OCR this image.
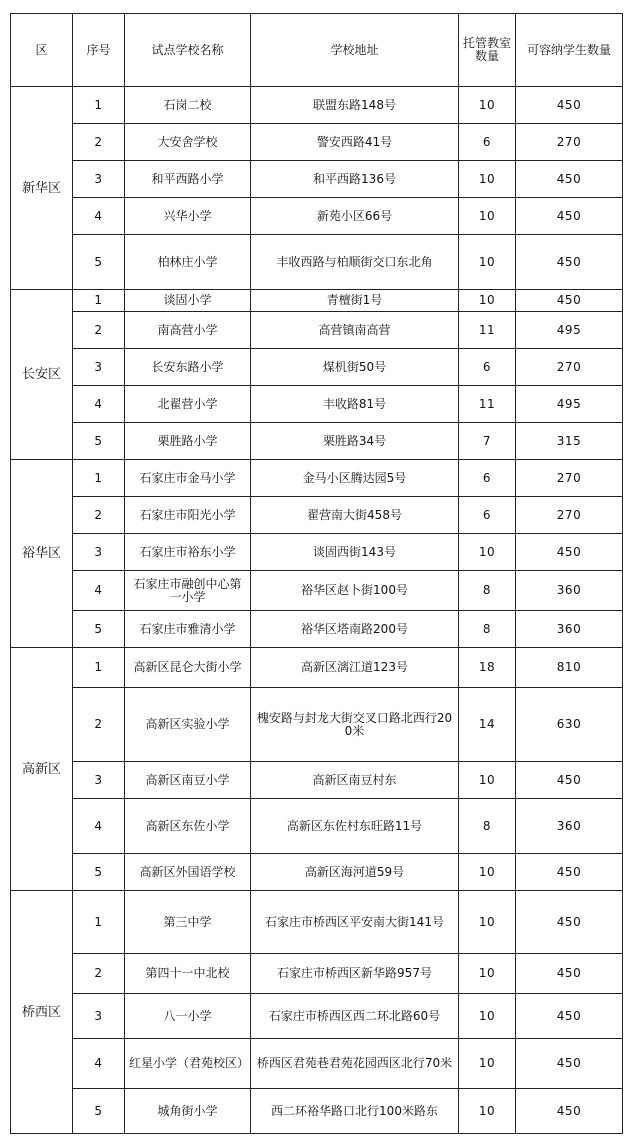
区	序号	试点学校名称	学校地址	托管教室数量	可容纳学生数量
新华区	1	石岗二校	联盟东路148号	10	450
	2	大安舍学校	警安西路41号	6	270
	3	和平西路小学	和平西路136号	10	450
	4	兴华小学	新苑小区66号	10	450
	5	柏林庄小学	丰收西路与柏顺街交口东北角	10	450
长安区	1	谈固小学	青檀街1号	10	450
	2	南高营小学	高营镇南高营	11	495
	3	长安东路小学	煤机街50号	6	270
	4	北翟营小学	丰收路81号	11	495
	5	栗胜路小学	栗胜路34号	7	315
裕华区	1	石家庄市金马小学	金马小区腾达园5号	6	270
	2	石家庄市阳光小学	翟营南大街458号	6	270
	3	石家庄市裕东小学	谈固西街143号	10	450
	4	石家庄市融创中心第一小学	裕华区赵卜街100号	8	360
	5	石家庄市雅清小学	裕华区塔南路200号	8	360
高新区	1	高新区昆仑大街小学	高新区漓江道123号	18	810
	2	高新区实验小学	槐安路与封龙大街交叉口路北西行200米	14	630
	3	高新区南豆小学	高新区南豆村东	10	450
	4	高新区东佐小学	高新区东佐村东旺路11号	8	360
	5	高新区外国语学校	高新区海河道59号	10	450
桥西区	1	第三中学	石家庄市桥西区平安南大街141号	10	450
	2	第四十一中北校	石家庄市桥西区新华路957号	10	450
	3	八一小学	石家庄市桥西区西二环北路60号	10	450
	4	红星小学（君苑校区）	桥西区君苑巷君苑花园西区北行70米	10	450
	5	城角街小学	西二环裕华路口北行100米路东	10	450
